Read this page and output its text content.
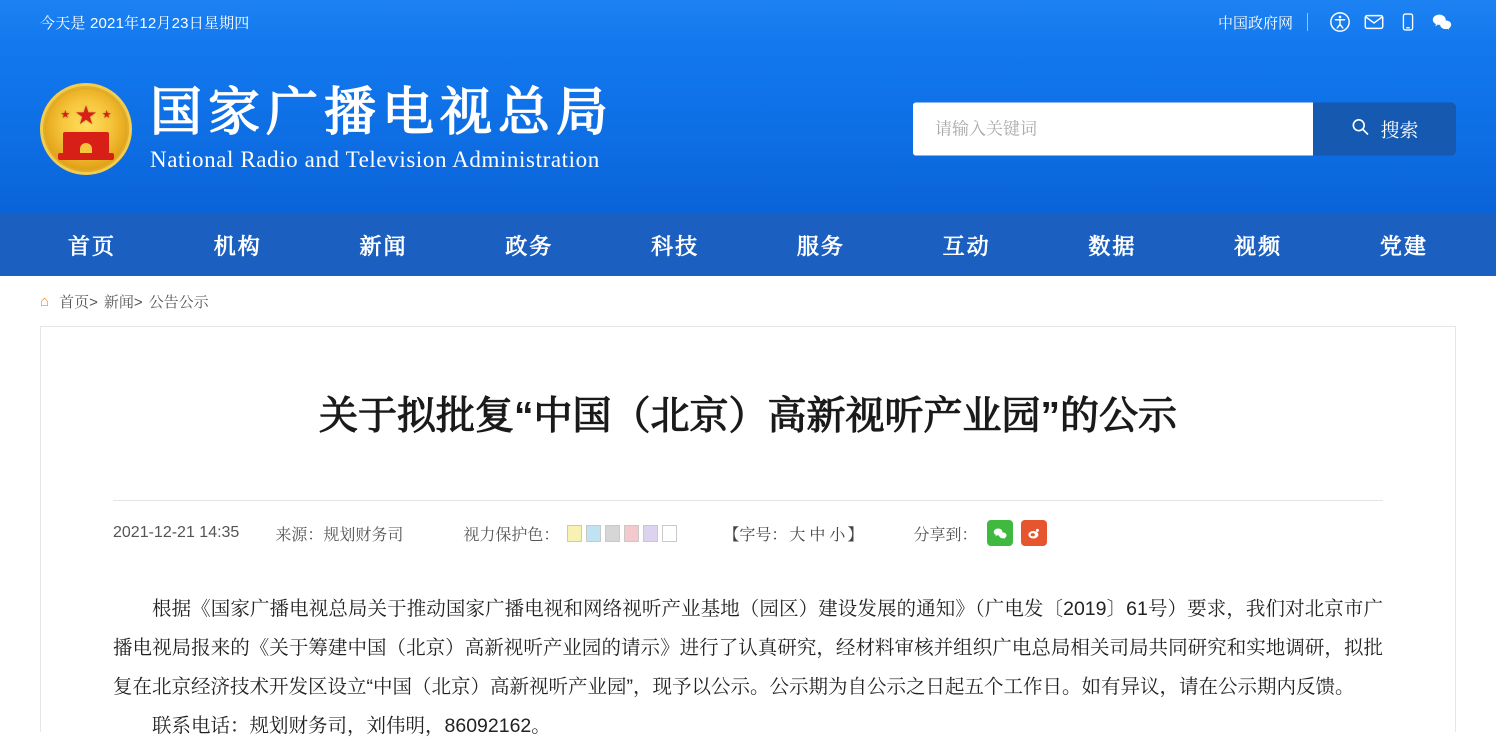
今天是 2021年12月23日星期四	中国政府网
★
★	★ 国家广播电视总局
National Radio and Television Administration
请输入关键词
搜索
首页	机构	新闻	政务	科技	服务	互动	数据	视频	党建
⌂ 首页> 新闻> 公告公示
关于拟批复“中国（北京）高新视听产业园”的公示
2021-12-21 14:35 来源：规划财务司	视力保护色：	【字号： 大 中 小 】	分享到：

根据《国家广播电视总局关于推动国家广播电视和网络视听产业基地（园区）建设发展的通知》（广电发〔2019〕61号）要求，我们对北京市广播电视局报来的《关于筹建中国（北京）高新视听产业园的请示》进行了认真研究，经材料审核并组织广电总局相关司局共同研究和实地调研，拟批复在北京经济技术开发区设立“中国（北京）高新视听产业园”，现予以公示。公示期为自公示之日起五个工作日。如有异议，请在公示期内反馈。

联系电话：规划财务司，刘伟明，86092162。
